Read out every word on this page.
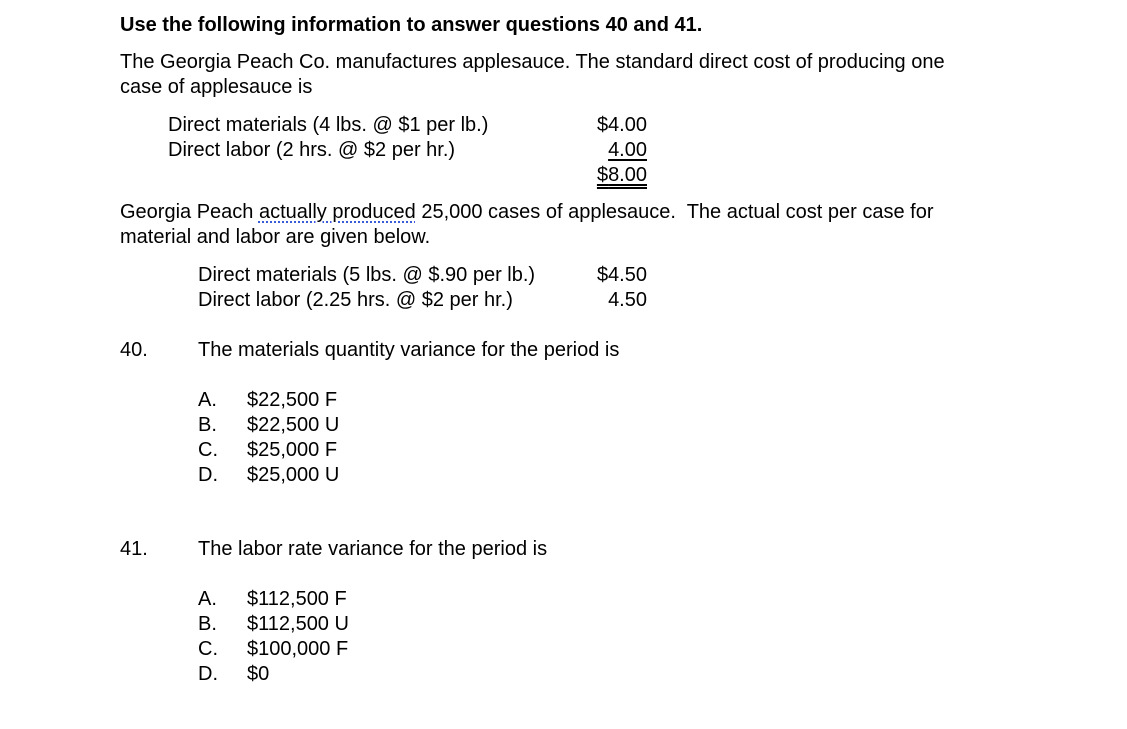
Use the following information to answer questions 40 and 41.
The Georgia Peach Co. manufactures applesauce. The standard direct cost of producing one
case of applesauce is
Direct materials (4 lbs. @ $1 per lb.)
Direct labor (2 hrs. @ $2 per hr.)
$4.00
4.00
$8.00
Georgia Peach actually produced 25,000 cases of applesauce.  The actual cost per case for
material and labor are given below.
Direct materials (5 lbs. @ $.90 per lb.)
Direct labor (2.25 hrs. @ $2 per hr.)
$4.50
4.50
40.	The materials quantity variance for the period is
A. $22,500 F
B. $22,500 U
C. $25,000 F
D. $25,000 U
41.	The labor rate variance for the period is
A. $112,500 F
B. $112,500 U
C. $100,000 F
D. $0
